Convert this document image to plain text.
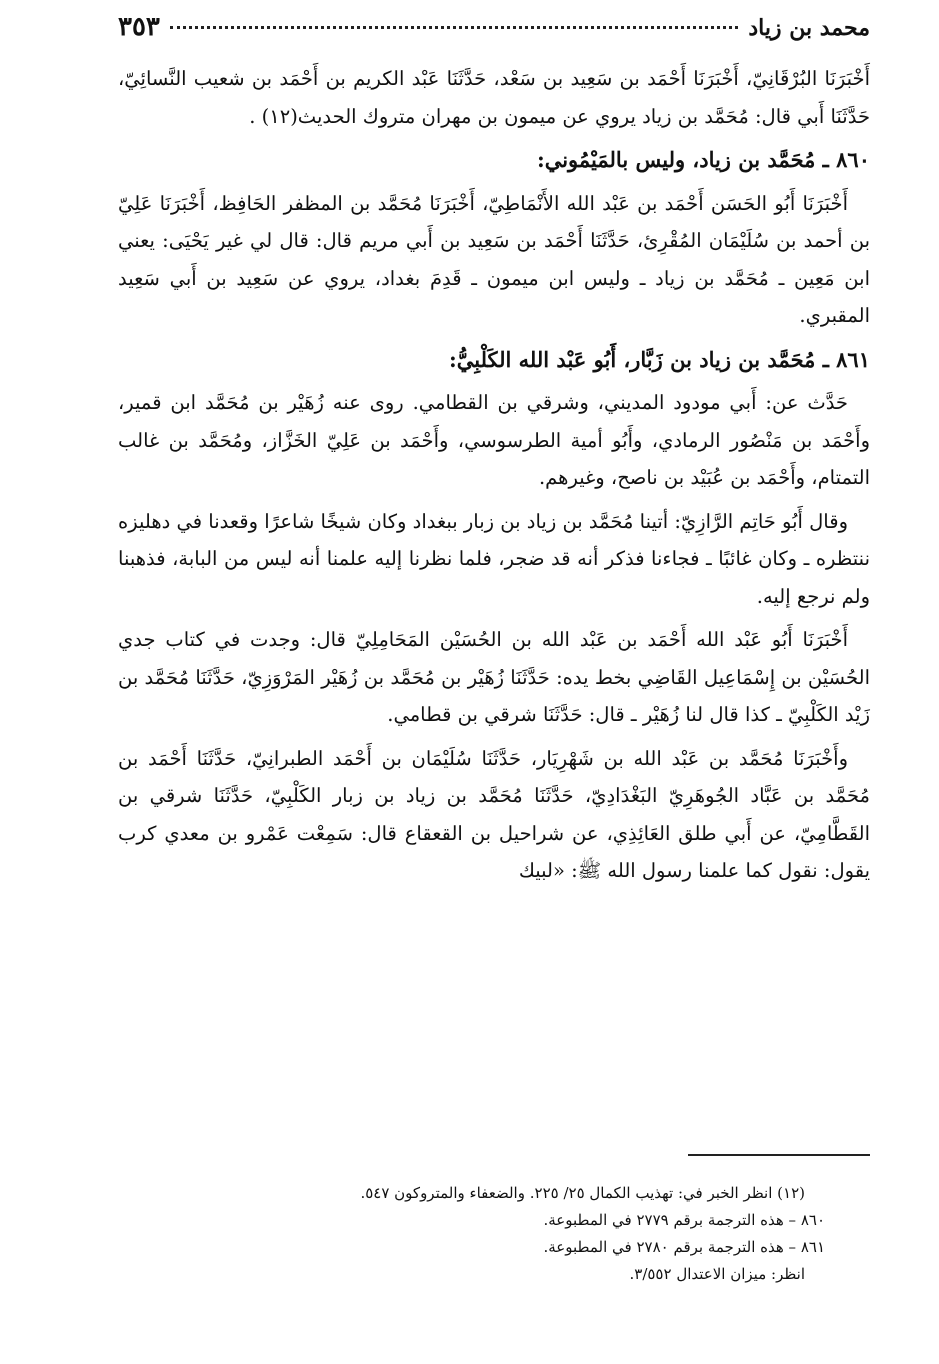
محمد بن زياد
٣٥٣

أَخْبَرَنَا البُرْقَانِيّ، أَخْبَرَنَا أَحْمَد بن سَعِيد بن سَعْد، حَدَّثَنَا عَبْد الكريم بن أَحْمَد بن شعيب النَّسائِيّ، حَدَّثَنَا أَبي قال: مُحَمَّد بن زياد يروي عن ميمون بن مهران متروك الحديث(١٢) .

٨٦٠ ـ مُحَمَّد بن زياد، وليس بالمَيْمُوني:

أَخْبَرَنَا أَبُو الحَسَن أَحْمَد بن عَبْد الله الأَنْمَاطِيّ، أَخْبَرَنَا مُحَمَّد بن المظفر الحَافِظ، أَخْبَرَنَا عَلِيّ بن أحمد بن سُلَيْمَان المُقْرِئ، حَدَّثَنَا أَحْمَد بن سَعِيد بن أَبي مريم قال: قال لي غير يَحْيَى: يعني ابن مَعِين ـ مُحَمَّد بن زياد ـ وليس ابن ميمون ـ قَدِمَ بغداد، يروي عن سَعِيد بن أَبي سَعِيد المقبري.

٨٦١ ـ مُحَمَّد بن زياد بن زَبَّار، أَبُو عَبْد الله الكَلْبِيُّ:

حَدَّث عن: أَبي مودود المديني، وشرقي بن القطامي. روى عنه زُهَيْر بن مُحَمَّد ابن قمير، وأَحْمَد بن مَنْصُور الرمادي، وأَبُو أمية الطرسوسي، وأَحْمَد بن عَلِيّ الخَزَّاز، ومُحَمَّد بن غالب التمتام، وأَحْمَد بن عُبَيْد بن ناصح، وغيرهم.

وقال أَبُو حَاتِم الرَّازِيّ: أتينا مُحَمَّد بن زياد بن زبار ببغداد وكان شيخًا شاعرًا وقعدنا في دهليزه ننتظره ـ وكان غائبًا ـ فجاءنا فذكر أنه قد ضجر، فلما نظرنا إليه علمنا أنه ليس من البابة، فذهبنا ولم نرجع إليه.

أَخْبَرَنَا أَبُو عَبْد الله أَحْمَد بن عَبْد الله بن الحُسَيْن المَحَامِلِيّ قال: وجدت في كتاب جدي الحُسَيْن بن إِسْمَاعِيل القَاضِي بخط يده: حَدَّثَنَا زُهَيْر بن مُحَمَّد بن زُهَيْر المَرْوَزِيّ، حَدَّثَنَا مُحَمَّد بن زَيْد الكَلْبِيّ ـ كذا قال لنا زُهَيْر ـ قال: حَدَّثَنَا شرقي بن قطامي.

وأَخْبَرَنَا مُحَمَّد بن عَبْد الله بن شَهْرِيَار، حَدَّثَنَا سُلَيْمَان بن أَحْمَد الطبرانِيّ، حَدَّثَنَا أَحْمَد بن مُحَمَّد بن عَبَّاد الجُوهَرِيّ البَغْدَادِيّ، حَدَّثَنَا مُحَمَّد بن زياد بن زبار الكَلْبِيّ، حَدَّثَنَا شرقي بن القَطَّامِيّ، عن أَبي طلق العَائِذِي، عن شراحيل بن القعقاع قال: سَمِعْت عَمْرو بن معدي كرب يقول: نقول كما علمنا رسول الله ﷺ: «لبيك

(١٢) انظر الخبر في: تهذيب الكمال ٢٥/ ٢٢٥. والضعفاء والمتروكون ٥٤٧.

٨٦٠ – هذه الترجمة برقم ٢٧٧٩ في المطبوعة.

٨٦١ – هذه الترجمة برقم ٢٧٨٠ في المطبوعة.

انظر: ميزان الاعتدال ٣/٥٥٢.
